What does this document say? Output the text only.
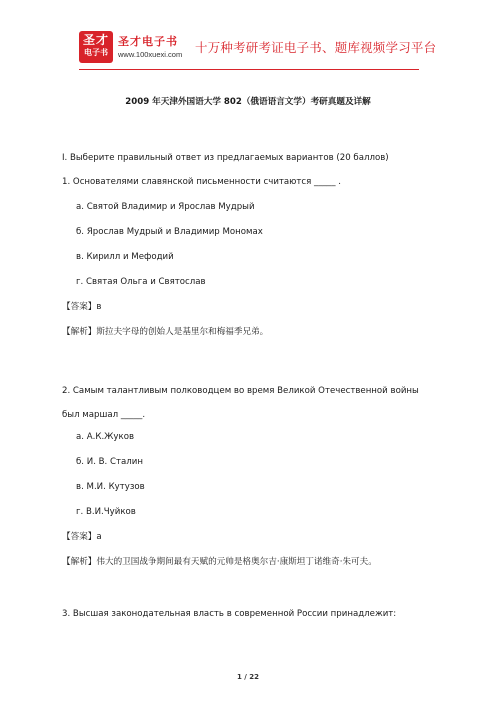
圣才
电子书
圣才电子书
www.100xuexi.com 十万种考研考证电子书、题库视频学习平台
2009 年天津外国语大学 802（俄语语言文学）考研真题及详解
I. Выберите правильный ответ из предлагаемых вариантов (20 баллов)
1. Основателями славянской письменности считаются _____ .
а. Святой Владимир и Ярослав Мудрый
б. Ярослав Мудрый и Владимир Мономах
в. Кирилл и Мефодий
г. Святая Ольга и Святослав
【答案】в
【解析】斯拉夫字母的创始人是基里尔和梅福季兄弟。
2. Самым талантливым полководцем во время Великой Отечественной войны был маршал _____.
а. А.К.Жуков
б. И. В. Сталин
в. М.И. Кутузов
г. В.И.Чуйков
【答案】а
【解析】伟大的卫国战争期间最有天赋的元帅是格奥尔吉·康斯坦丁诺维奇·朱可夫。
3. Высшая законодательная власть в современной России принадлежит:
1 / 22
